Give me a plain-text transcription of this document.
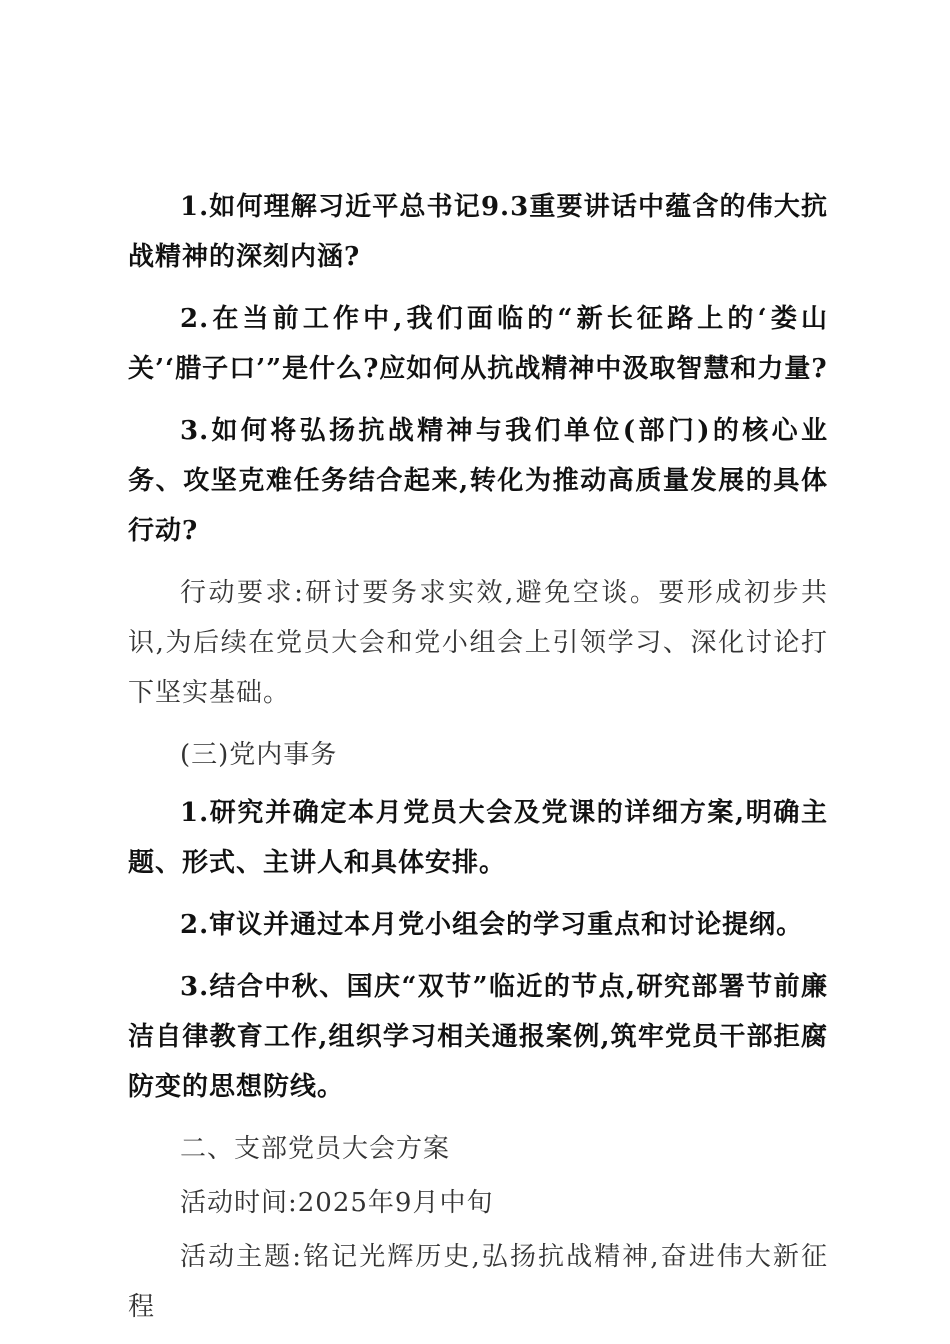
1.如何理解习近平总书记9.3重要讲话中蕴含的伟大抗战精神的深刻内涵?

2.在当前工作中,我们面临的“新长征路上的‘娄山关’‘腊子口’”是什么?应如何从抗战精神中汲取智慧和力量?

3.如何将弘扬抗战精神与我们单位(部门)的核心业务、攻坚克难任务结合起来,转化为推动高质量发展的具体行动?

行动要求:研讨要务求实效,避免空谈。要形成初步共识,为后续在党员大会和党小组会上引领学习、深化讨论打下坚实基础。

(三)党内事务

1.研究并确定本月党员大会及党课的详细方案,明确主题、形式、主讲人和具体安排。

2.审议并通过本月党小组会的学习重点和讨论提纲。

3.结合中秋、国庆“双节”临近的节点,研究部署节前廉洁自律教育工作,组织学习相关通报案例,筑牢党员干部拒腐防变的思想防线。

二、支部党员大会方案

活动时间:2025年9月中旬

活动主题:铭记光辉历史,弘扬抗战精神,奋进伟大新征程
